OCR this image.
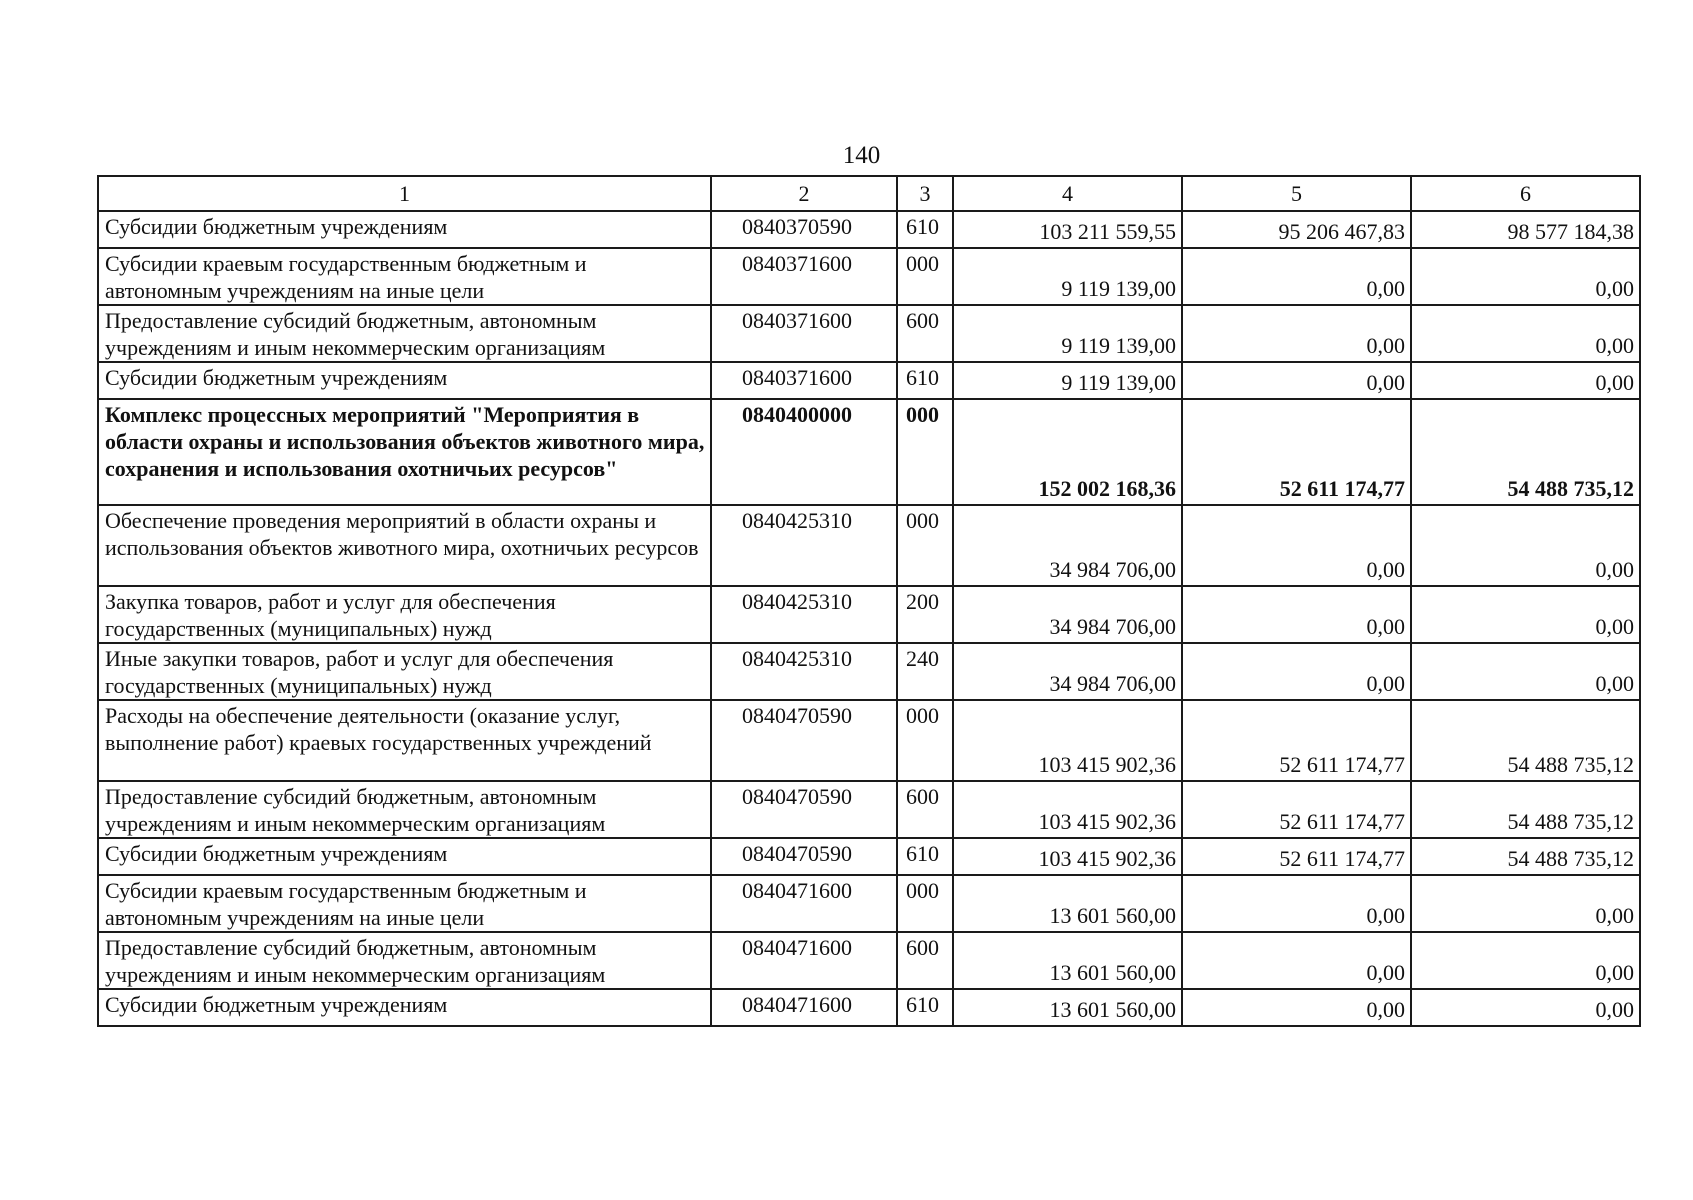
140
1	2	3	4	5	6
Субсидии бюджетным учреждениям	0840370590	610	103 211 559,55	95 206 467,83	98 577 184,38
Субсидии краевым государственным бюджетным и автономным учреждениям на иные цели	0840371600	000	9 119 139,00	0,00	0,00
Предоставление субсидий бюджетным, автономным учреждениям и иным некоммерческим организациям	0840371600	600	9 119 139,00	0,00	0,00
Субсидии бюджетным учреждениям	0840371600	610	9 119 139,00	0,00	0,00
Комплекс процессных мероприятий "Мероприятия в области охраны и использования объектов животного мира, сохранения и использования охотничьих ресурсов"	0840400000	000	152 002 168,36	52 611 174,77	54 488 735,12
Обеспечение проведения мероприятий в области охраны и использования объектов животного мира, охотничьих ресурсов	0840425310	000	34 984 706,00	0,00	0,00
Закупка товаров, работ и услуг для обеспечения государственных (муниципальных) нужд	0840425310	200	34 984 706,00	0,00	0,00
Иные закупки товаров, работ и услуг для обеспечения государственных (муниципальных) нужд	0840425310	240	34 984 706,00	0,00	0,00
Расходы на обеспечение деятельности (оказание услуг, выполнение работ) краевых государственных учреждений	0840470590	000	103 415 902,36	52 611 174,77	54 488 735,12
Предоставление субсидий бюджетным, автономным учреждениям и иным некоммерческим организациям	0840470590	600	103 415 902,36	52 611 174,77	54 488 735,12
Субсидии бюджетным учреждениям	0840470590	610	103 415 902,36	52 611 174,77	54 488 735,12
Субсидии краевым государственным бюджетным и автономным учреждениям на иные цели	0840471600	000	13 601 560,00	0,00	0,00
Предоставление субсидий бюджетным, автономным учреждениям и иным некоммерческим организациям	0840471600	600	13 601 560,00	0,00	0,00
Субсидии бюджетным учреждениям	0840471600	610	13 601 560,00	0,00	0,00
